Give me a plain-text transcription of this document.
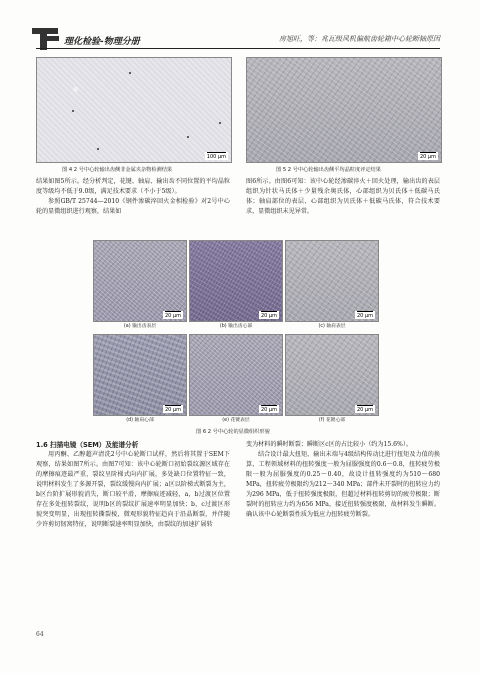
理化检验-物理分册	房旭旺，等：兆瓦级风机偏航齿轮箱中心轮断轴原因
100 μm
图 4 2 号中心轮输出齿侧非金属夹杂物检测结果
20 μm
图 5 2 号中心轮输出齿侧平均晶粒度评定结果

结果如图5所示。经分析判定，花键、轴肩、输出齿不同位置的平均晶粒度等级均不低于9.0级，满足技术要求（不小于5级）。

参照GB/T 25744—2010《钢件渗碳淬回火金相检验》对2号中心轮的显微组织进行观察，结果如

图6所示。由图6可知：该中心轮经渗碳淬火＋回火处理，输出齿的表层组织为针状马氏体＋少量残余奥氏体，心部组织为贝氏体＋低碳马氏体；轴肩部位的表层、心部组织为贝氏体＋低碳马氏体，符合技术要求，显微组织未见异常。

20 μm
(a) 输出齿表层
20 μm
(b) 输出齿心部
20 μm
(c) 轴肩表层
20 μm
(d) 轴肩心部
20 μm
(e) 花键表层
20 μm
(f) 花键心部
图 6 2 号中心轮的显微组织形貌
1.6 扫描电镜（SEM）及能谱分析

用丙酮、乙醇超声清洗2号中心轮断口试样，然后将其置于SEM下观察，结果如图7所示。由图7可知：该中心轮断口初始裂纹源区域存在的摩擦痕迹最严重，裂纹呈阶梯式向内扩展，多处缺口位置特征一致，说明材料发生了多源开裂，裂纹缓慢向内扩展；a区以阶梯式断裂为主，b区台阶扩展形貌消失，断口较平滑，摩擦痕迹减轻，a，b过渡区位置存在多处扭转裂纹，说明b区的裂纹扩展速率明显加快；b，c过渡区形貌突变明显，出现扭转撕裂棱，微观形貌特征趋向于沿晶断裂，并伴随少许剪切韧窝特征，说明断裂速率明显加快，由裂纹的加速扩展转

变为材料的瞬时断裂；瞬断区c区的占比较小（约为15.6%）。

结合设计最大扭矩、输出末端与4级结构传动比进行扭矩及力值的换算，工程领域材料的扭转强度一般为屈服强度的0.6～0.8，扭转疲劳极限一般为屈服强度的0.25～0.40，故设计扭转强度约为510～680 MPa，扭转疲劳极限约为212～340 MPa；部件未开裂时的扭转应力约为296 MPa，低于扭转强度极限，但超过材料扭转剪切的疲劳极限；断裂时的扭转应力约为656 MPa，接近扭转强度极限，故材料发生瞬断。确认该中心轮断裂性质为低应力扭转疲劳断裂。

64
